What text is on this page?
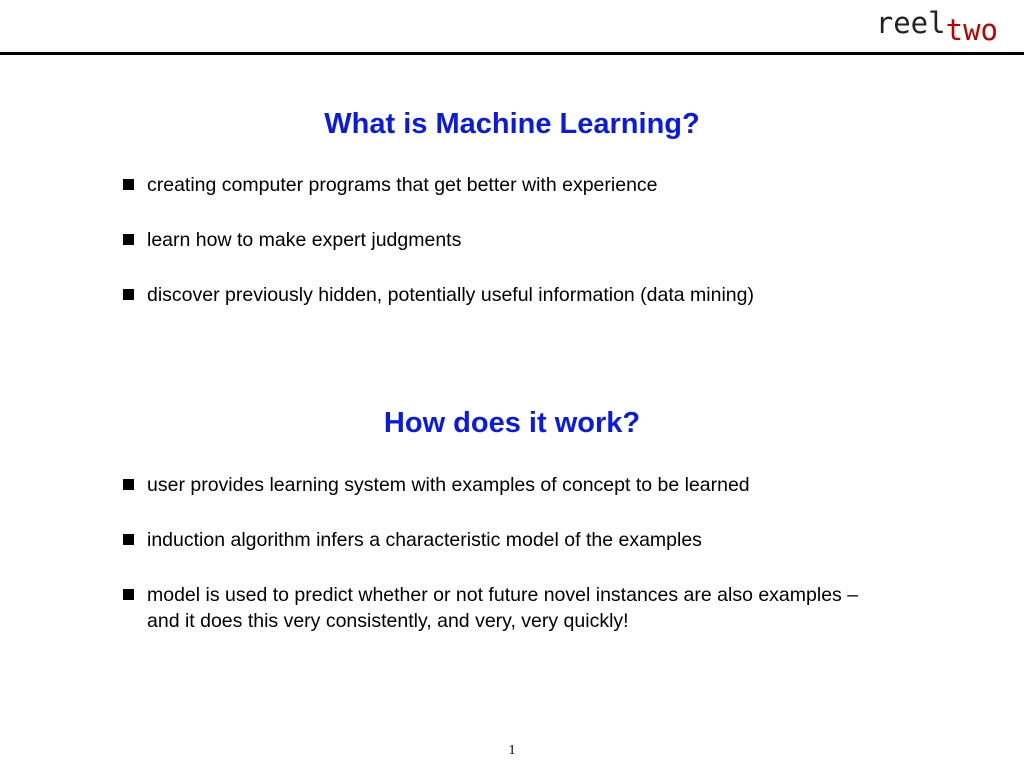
reeltwo
What is Machine Learning?
creating computer programs that get better with experience
learn how to make expert judgments
discover previously hidden, potentially useful information (data mining)
How does it work?
user provides learning system with examples of concept to be learned
induction algorithm infers a characteristic model of the examples
model is used to predict whether or not future novel instances are also examples – and it does this very consistently, and very, very quickly!
1
